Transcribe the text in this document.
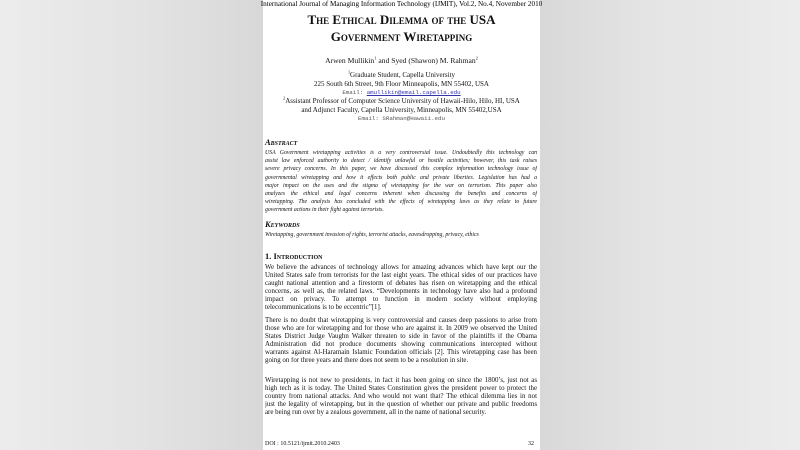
International Journal of Managing Information Technology (IJMIT), Vol.2, No.4, November 2010
The Ethical Dilemma of the USA
Government Wiretapping
Arwen Mullikin$^1$ and Syed (Shawon) M. Rahman$^2$
$^1$Graduate Student, Capella University
225 South 6th Street, 9th Floor Minneapolis, MN 55402, USA
Email: amullikin@email.capella.edu
$^2$Assistant Professor of Computer Science University of Hawaii-Hilo, Hilo, HI, USA
and Adjunct Faculty, Capella University, Minneapolis, MN 55402,USA
Email: SRahman@Hawaii.edu
Abstract
USA Government wiretapping activities is a very controversial issue. Undoubtedly this technology can
assist law enforced authority to detect / identify unlawful or hostile activities; however, this task raises
severe privacy concerns. In this paper, we have discussed this complex information technology issue of
governmental wiretapping and how it effects both public and private liberties. Legislation has had a
major impact on the uses and the stigma of wiretapping for the war on terrorism. This paper also
analyzes the ethical and legal concerns inherent when discussing the benefits and concerns of
wiretapping. The analysis has concluded with the effects of wiretapping laws as they relate to future
government actions in their fight against terrorists.
Keywords
Wiretapping, government invasion of rights, terrorist attacks, eavesdropping, privacy, ethics
1. Introduction
We believe the advances of technology allows for amazing advances which have kept our the
United States safe from terrorists for the last eight years. The ethical sides of our practices have
caught national attention and a firestorm of debates has risen on wiretapping and the ethical
concerns, as well as, the related laws. “Developments in technology have also had a profound
impact on privacy. To attempt to function in modern society without employing
telecommunications is to be eccentric”[1].
There is no doubt that wiretapping is very controversial and causes deep passions to arise from
those who are for wiretapping and for those who are against it. In 2009 we observed the United
States District Judge Vaughn Walker threaten to side in favor of the plaintiffs if the Obama
Administration did not produce documents showing communications intercepted without
warrants against Al-Haramain Islamic Foundation officials [2]. This wiretapping case has been
going on for three years and there does not seem to be a resolution in site.
Wiretapping is not new to presidents, in fact it has been going on since the 1800’s, just not as
high tech as it is today. The United States Constitution gives the president power to protect the
country from national attacks. And who would not want that? The ethical dilemma lies in not
just the legality of wiretapping, but in the question of whether our private and public freedoms
are being run over by a zealous government, all in the name of national security.
DOI : 10.5121/ijmit.2010.2403	32
